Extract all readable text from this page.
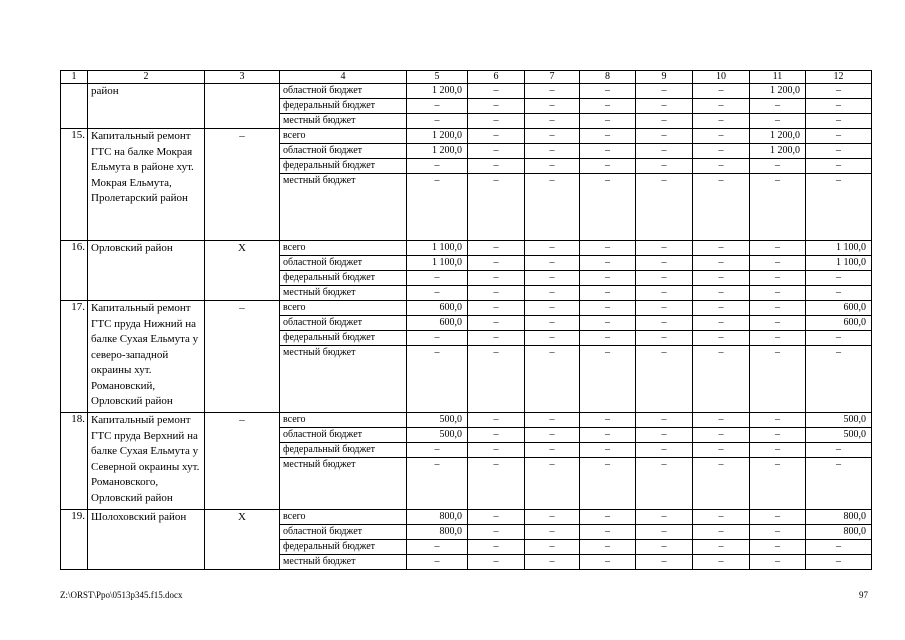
1	2	3	4	5	6	7	8	9	10	11	12
	район		областной бюджет	1 200,0	–	–	–	–	–	1 200,0	–
			федеральный бюджет	–	–	–	–	–	–	–	–
			местный бюджет	–	–	–	–	–	–	–	–
15.	Капитальный ремонт ГТС на балке Мокрая Ельмута в районе хут. Мокрая Ельмута, Пролетарский район	–	всего	1 200,0	–	–	–	–	–	1 200,0	–
			областной бюджет	1 200,0	–	–	–	–	–	1 200,0	–
			федеральный бюджет	–	–	–	–	–	–	–	–
			местный бюджет	–	–	–	–	–	–	–	–
16.	Орловский район	Х	всего	1 100,0	–	–	–	–	–	–	1 100,0
			областной бюджет	1 100,0	–	–	–	–	–	–	1 100,0
			федеральный бюджет	–	–	–	–	–	–	–	–
			местный бюджет	–	–	–	–	–	–	–	–
17.	Капитальный ремонт ГТС пруда Нижний на балке Сухая Ельмута у северо-западной окраины хут. Романовский, Орловский район	–	всего	600,0	–	–	–	–	–	–	600,0
			областной бюджет	600,0	–	–	–	–	–	–	600,0
			федеральный бюджет	–	–	–	–	–	–	–	–
			местный бюджет	–	–	–	–	–	–	–	–
18.	Капитальный ремонт ГТС пруда Верхний на балке Сухая Ельмута у Северной окраины хут. Романовского, Орловский район	–	всего	500,0	–	–	–	–	–	–	500,0
			областной бюджет	500,0	–	–	–	–	–	–	500,0
			федеральный бюджет	–	–	–	–	–	–	–	–
			местный бюджет	–	–	–	–	–	–	–	–
19.	Шолоховский район	Х	всего	800,0	–	–	–	–	–	–	800,0
			областной бюджет	800,0	–	–	–	–	–	–	800,0
			федеральный бюджет	–	–	–	–	–	–	–	–
			местный бюджет	–	–	–	–	–	–	–	–
Z:\ORST\Ppo\0513p345.f15.docx	97
